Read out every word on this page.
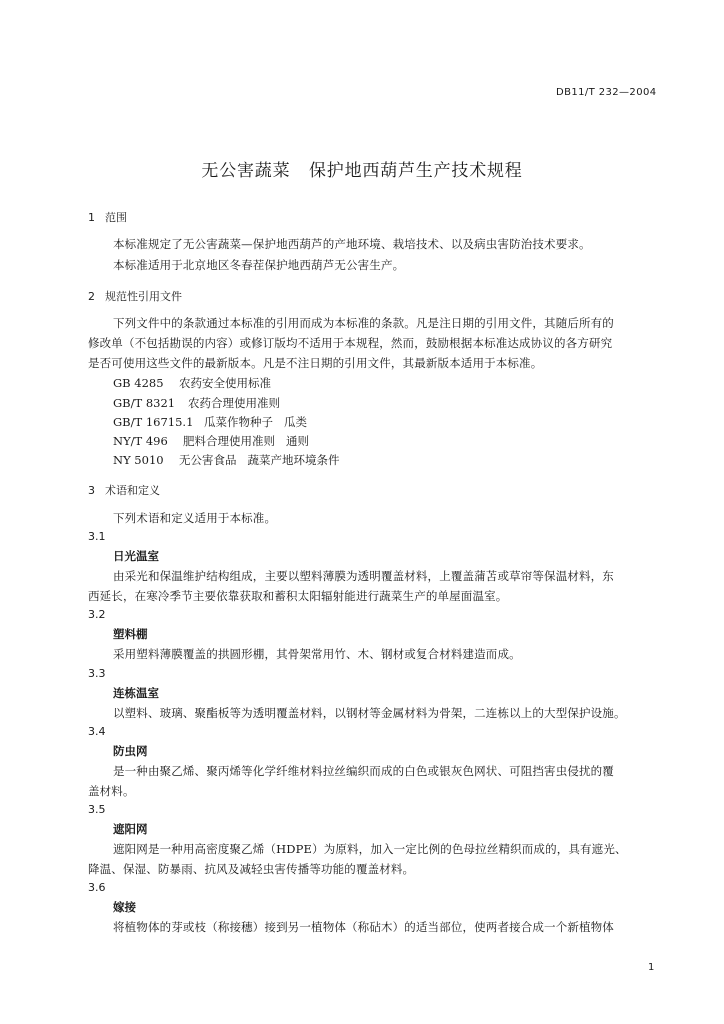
DB11/T 232—2004
无公害蔬菜   保护地西葫芦生产技术规程
1 范围
本标准规定了无公害蔬菜—保护地西葫芦的产地环境、栽培技术、以及病虫害防治技术要求。
本标准适用于北京地区冬春茬保护地西葫芦无公害生产。
2 规范性引用文件
下列文件中的条款通过本标准的引用而成为本标准的条款。凡是注日期的引用文件，其随后所有的
修改单（不包括勘误的内容）或修订版均不适用于本规程，然而，鼓励根据本标准达成协议的各方研究
是否可使用这些文件的最新版本。凡是不注日期的引用文件，其最新版本适用于本标准。
GB 4285 农药安全使用标准
GB/T 8321 农药合理使用准则
GB/T 16715.1 瓜菜作物种子   瓜类
NY/T 496 肥料合理使用准则   通则
NY 5010 无公害食品   蔬菜产地环境条件
3 术语和定义
下列术语和定义适用于本标准。
3.1
日光温室
由采光和保温维护结构组成，主要以塑料薄膜为透明覆盖材料，上覆盖蒲苫或草帘等保温材料，东
西延长，在寒冷季节主要依靠获取和蓄积太阳辐射能进行蔬菜生产的单屋面温室。
3.2
塑料棚
采用塑料薄膜覆盖的拱圆形棚，其骨架常用竹、木、钢材或复合材料建造而成。
3.3
连栋温室
以塑料、玻璃、聚酯板等为透明覆盖材料，以钢材等金属材料为骨架，二连栋以上的大型保护设施。
3.4
防虫网
是一种由聚乙烯、聚丙烯等化学纤维材料拉丝编织而成的白色或银灰色网状、可阻挡害虫侵扰的覆
盖材料。
3.5
遮阳网
遮阳网是一种用高密度聚乙烯（HDPE）为原料，加入一定比例的色母拉丝精织而成的，具有遮光、
降温、保湿、防暴雨、抗风及减轻虫害传播等功能的覆盖材料。
3.6
嫁接
将植物体的芽或枝（称接穗）接到另一植物体（称砧木）的适当部位，使两者接合成一个新植物体
1
